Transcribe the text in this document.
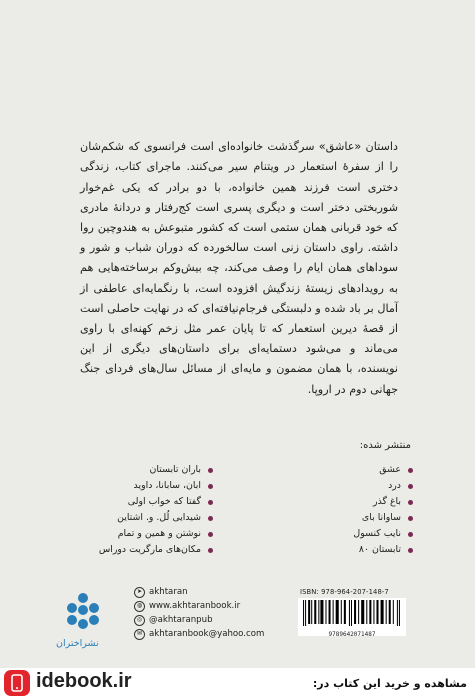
داستان «عاشق» سرگذشت خانواده‌ای است فرانسوی که شکم‌شان را از سفرهٔ استعمار در ویتنام سیر می‌کنند. ماجرای کتاب، زندگی دختری است فرزند همین خانواده، با دو برادر که یکی غم‌خوار شوربختی دختر است و دیگری پسری است کج‌رفتار و دردانهٔ مادری که خود قربانی همان ستمی است که کشور متبوعش به هندوچین روا داشته. راوی داستان زنی است سالخورده که دوران شباب و شور و سوداهای همان ایام را وصف می‌کند، چه بیش‌وکم برساخته‌هایی هم به رویدادهای زیستهٔ زندگیش افزوده است، با رنگمایه‌ای عاطفی از آمال بر باد شده و دلبستگی فرجام‌نیافته‌ای که در نهایت حاصلی است از قصهٔ دیرین استعمار که تا پایان عمر مثل زخم کهنه‌ای با راوی می‌ماند و می‌شود دستمایه‌ای برای داستان‌های دیگری از این نویسنده، با همان مضمون و مایه‌ای از مسائل سال‌های فردای جنگ جهانی دوم در اروپا.

منتشر شده:
عشق
درد
باغ گذر
ساوانا بای
نایب کنسول
تابستان ۸۰
باران تابستان
ابان، سابانا، داوید
گفتا که خواب اولی
شیدایی لُل. و. اشتاین
نوشتن و همین و تمام
مکان‌های مارگریت دوراس
نشراختران
➤ akhtaran
◍ www.akhtaranbook.ir
◎ @akhtaranpub
✉ akhtaranbook@yahoo.com
ISBN: 978-964-207-148-7
9789642071487
idebook.ir	مشاهده و خرید این کتاب در:
